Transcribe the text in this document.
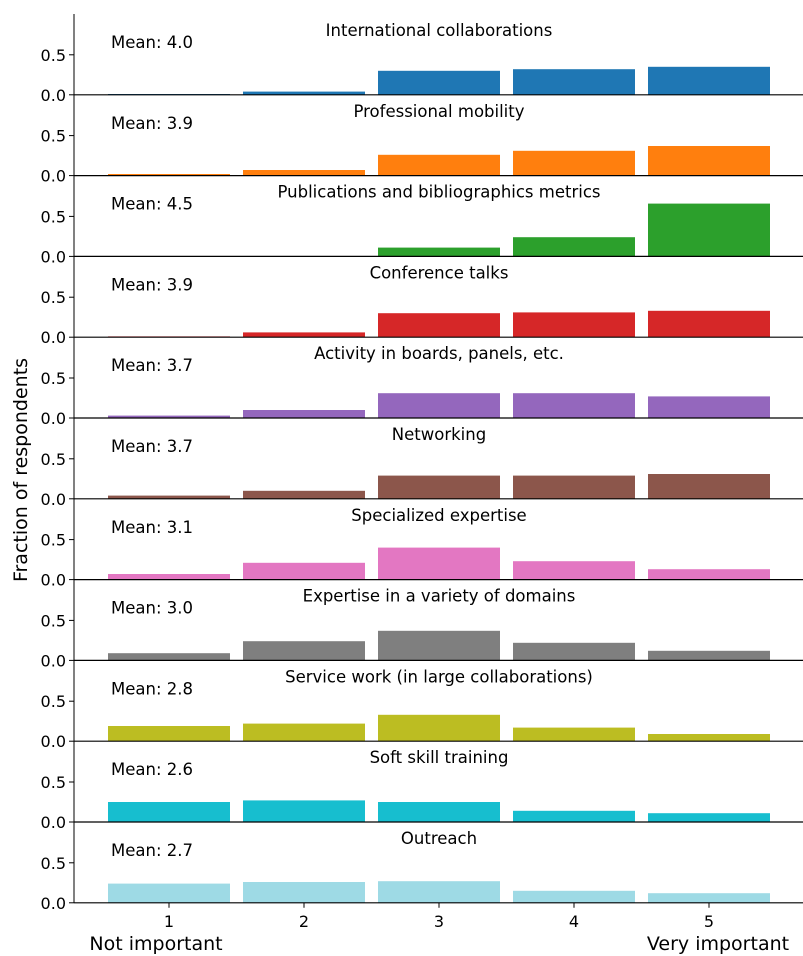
0.0
0.5
International collaborations
Mean: 4.0
0.0
0.5
Professional mobility
Mean: 3.9
0.0
0.5
Publications and bibliographics metrics
Mean: 4.5
0.0
0.5
Conference talks
Mean: 3.9
0.0
0.5
Activity in boards, panels, etc.
Mean: 3.7
0.0
0.5
Networking
Mean: 3.7
0.0
0.5
Specialized expertise
Mean: 3.1
0.0
0.5
Expertise in a variety of domains
Mean: 3.0
0.0
0.5
Service work (in large collaborations)
Mean: 2.8
0.0
0.5
Soft skill training
Mean: 2.6
0.0
0.5
Outreach
Mean: 2.7
1	2	3	4	5
Fraction of respondents
Not important	Very important
